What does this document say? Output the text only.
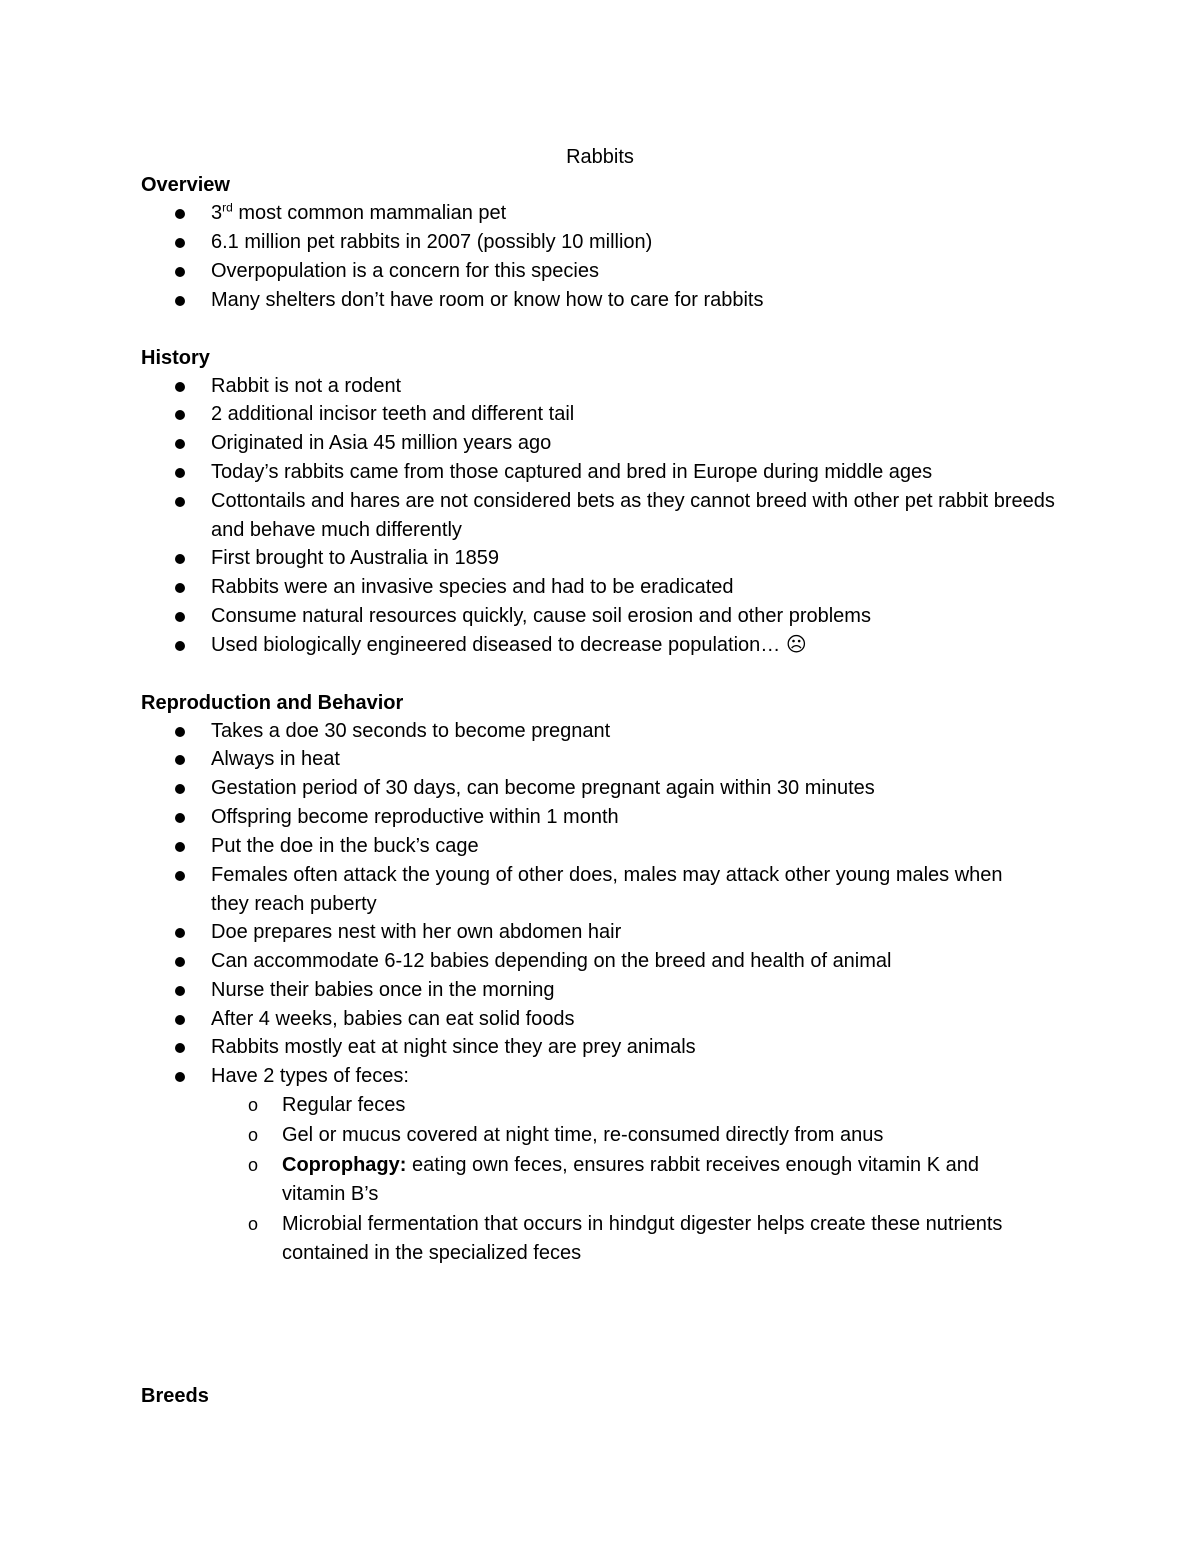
Rabbits
Overview
3rd most common mammalian pet
6.1 million pet rabbits in 2007 (possibly 10 million)
Overpopulation is a concern for this species
Many shelters don’t have room or know how to care for rabbits
History
Rabbit is not a rodent
2 additional incisor teeth and different tail
Originated in Asia 45 million years ago
Today’s rabbits came from those captured and bred in Europe during middle ages
Cottontails and hares are not considered bets as they cannot breed with other pet rabbit breeds and behave much differently
First brought to Australia in 1859
Rabbits were an invasive species and had to be eradicated
Consume natural resources quickly, cause soil erosion and other problems
Used biologically engineered diseased to decrease population… ☹
Reproduction and Behavior
Takes a doe 30 seconds to become pregnant
Always in heat
Gestation period of 30 days, can become pregnant again within 30 minutes
Offspring become reproductive within 1 month
Put the doe in the buck’s cage
Females often attack the young of other does, males may attack other young males when they reach puberty
Doe prepares nest with her own abdomen hair
Can accommodate 6-12 babies depending on the breed and health of animal
Nurse their babies once in the morning
After 4 weeks, babies can eat solid foods
Rabbits mostly eat at night since they are prey animals
Have 2 types of feces:
o Regular feces
o Gel or mucus covered at night time, re-consumed directly from anus
o Coprophagy: eating own feces, ensures rabbit receives enough vitamin K and vitamin B’s
o Microbial fermentation that occurs in hindgut digester helps create these nutrients contained in the specialized feces
Breeds
